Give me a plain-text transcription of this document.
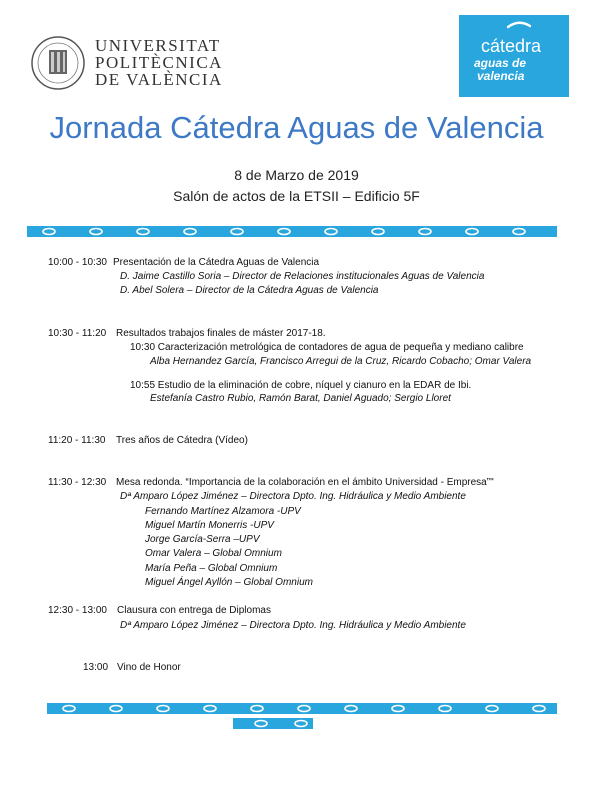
UNIVERSITAT
POLITÈCNICA
DE VALÈNCIA
cátedra
aguas de
valencia
Jornada Cátedra Aguas de Valencia
8 de Marzo de 2019
Salón de actos de la ETSII – Edificio 5F
10:00 - 10:30 Presentación de la Cátedra Aguas de Valencia
D. Jaime Castillo Soria – Director de Relaciones institucionales Aguas de Valencia
D. Abel Solera – Director de la Cátedra Aguas de Valencia
10:30 - 11:20 Resultados trabajos finales de máster 2017-18.
10:30 Caracterización metrológica de contadores de agua de pequeña y mediano calibre
Alba Hernandez García, Francisco Arregui de la Cruz, Ricardo Cobacho; Omar Valera
10:55 Estudio de la eliminación de cobre, níquel y cianuro en la EDAR de Ibi.
Estefanía Castro Rubio, Ramón Barat, Daniel Aguado; Sergio Lloret
11:20 - 11:30 Tres años de Cátedra (Vídeo)
11:30 - 12:30 Mesa redonda. “Importancia de la colaboración en el ámbito Universidad - Empresa”"
Dª Amparo López Jiménez – Directora Dpto. Ing. Hidráulica y Medio Ambiente
Fernando Martínez Alzamora -UPV
Miguel Martín Monerris -UPV
Jorge García-Serra –UPV
Omar Valera – Global Omnium
María Peña – Global Omnium
Miguel Ángel Ayllón – Global Omnium
12:30 - 13:00 Clausura con entrega de Diplomas
Dª Amparo López Jiménez – Directora Dpto. Ing. Hidráulica y Medio Ambiente
13:00 Vino de Honor
